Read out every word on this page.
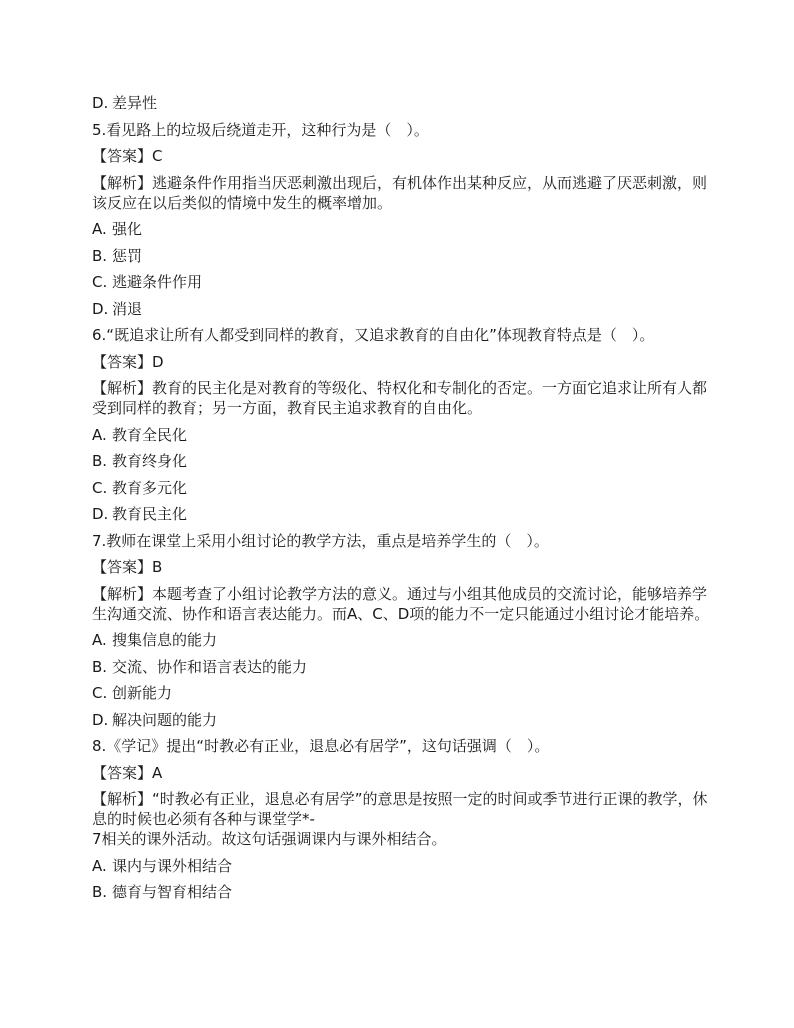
D. 差异性
5.看见路上的垃圾后绕道走开，这种行为是（　）。
【答案】C
【解析】逃避条件作用指当厌恶刺激出现后，有机体作出某种反应，从而逃避了厌恶刺激，则该反应在以后类似的情境中发生的概率增加。
A. 强化
B. 惩罚
C. 逃避条件作用
D. 消退
6.“既追求让所有人都受到同样的教育，又追求教育的自由化”体现教育特点是（　）。
【答案】D
【解析】教育的民主化是对教育的等级化、特权化和专制化的否定。一方面它追求让所有人都受到同样的教育；另一方面，教育民主追求教育的自由化。
A. 教育全民化
B. 教育终身化
C. 教育多元化
D. 教育民主化
7.教师在课堂上采用小组讨论的教学方法，重点是培养学生的（　）。
【答案】B
【解析】本题考查了小组讨论教学方法的意义。通过与小组其他成员的交流讨论，能够培养学生沟通交流、协作和语言表达能力。而A、C、D项的能力不一定只能通过小组讨论才能培养。
A. 搜集信息的能力
B. 交流、协作和语言表达的能力
C. 创新能力
D. 解决问题的能力
8.《学记》提出“时教必有正业，退息必有居学”，这句话强调（　）。
【答案】A
【解析】“时教必有正业，退息必有居学”的意思是按照一定的时间或季节进行正课的教学，休息的时候也必须有各种与课堂学*-
7相关的课外活动。故这句话强调课内与课外相结合。
A. 课内与课外相结合
B. 德育与智育相结合
